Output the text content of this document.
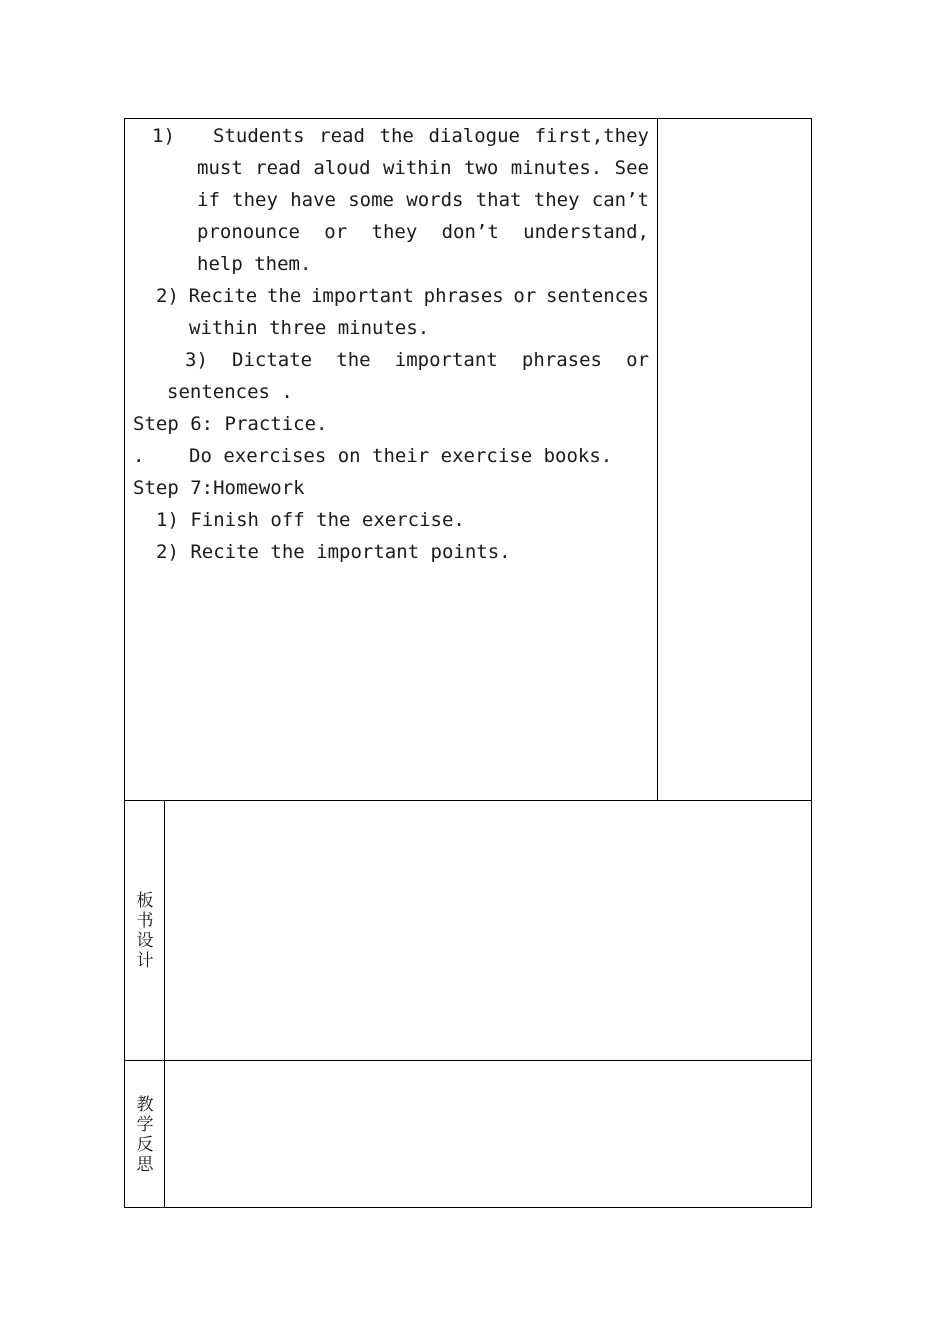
1) Students read the dialogue first,they
must read aloud within two minutes. See
if they have some words that they can’t
pronounce or they don’t understand,
help them.
2) Recite the important phrases or sentences
within three minutes.
3) Dictate the important phrases or
sentences .
Step 6: Practice.
. Do exercises on their exercise books.
Step 7:Homework
1) Finish off the exercise.
2) Recite the important points.
板
书
设
计
教
学
反
思
